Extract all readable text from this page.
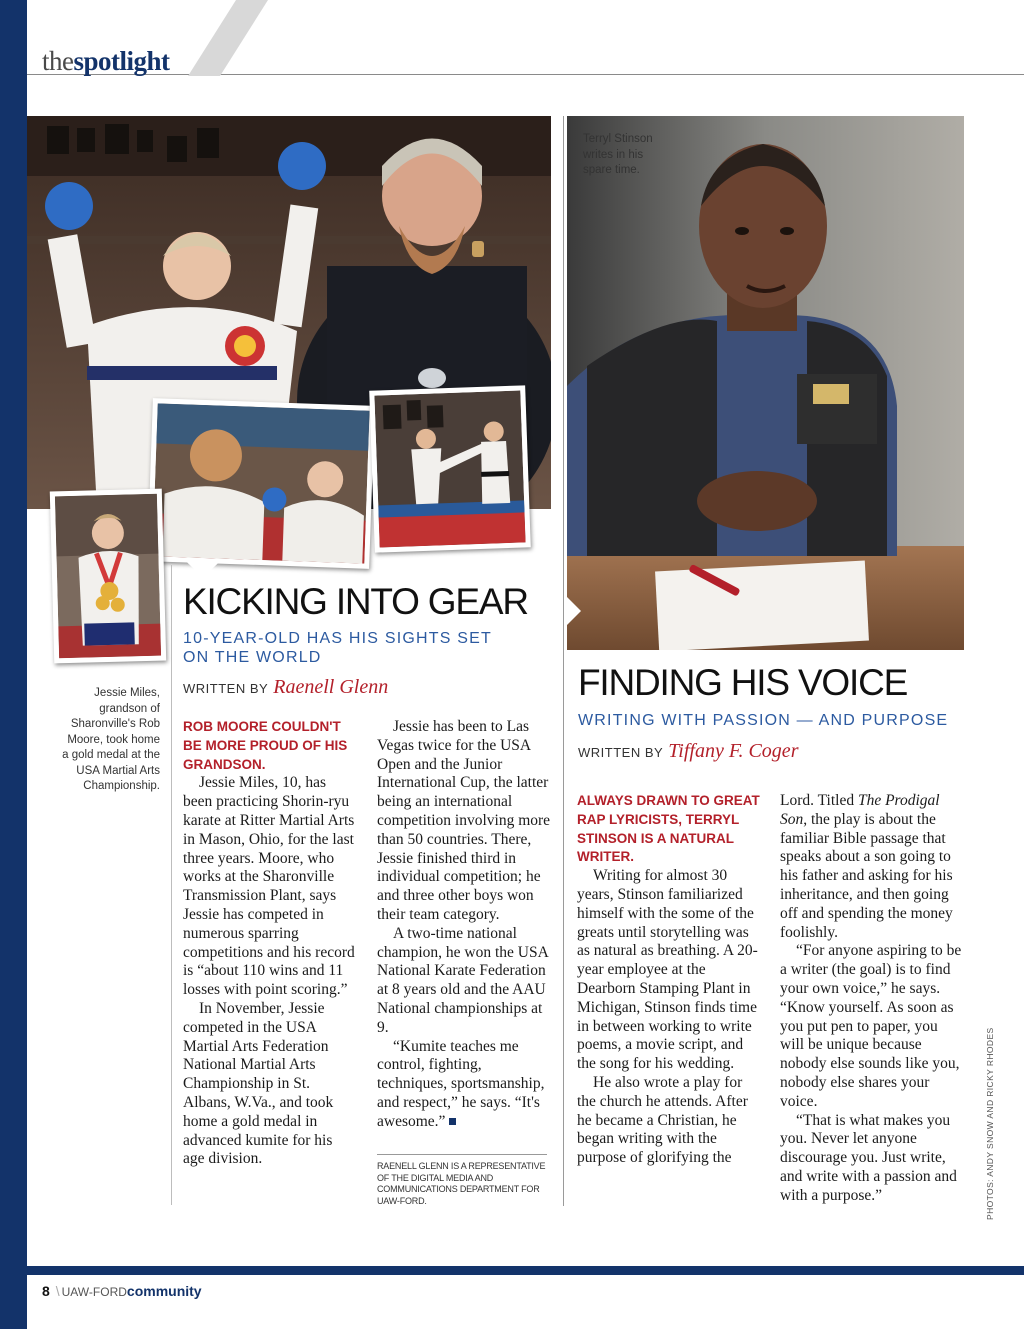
thespotlight
Jessie Miles, grandson of Sharonville's Rob Moore, took home a gold medal at the USA Martial Arts Championship.
KICKING INTO GEAR
10-YEAR-OLD HAS HIS SIGHTS SET ON THE WORLD
WRITTEN BY Raenell Glenn
ROB MOORE COULDN'T BE MORE PROUD OF HIS GRANDSON.

Jessie Miles, 10, has been practicing Shorin-ryu karate at Ritter Martial Arts in Mason, Ohio, for the last three years. Moore, who works at the Sharonville Transmission Plant, says Jessie has competed in numerous sparring competitions and his record is “about 110 wins and 11 losses with point scoring.”

In November, Jessie competed in the USA Martial Arts Federation National Martial Arts Championship in St. Albans, W.Va., and took home a gold medal in advanced kumite for his age division.

Jessie has been to Las Vegas twice for the USA Open and the Junior International Cup, the latter being an international competition involving more than 50 countries. There, Jessie finished third in individual competition; he and three other boys won their team category.

A two-time national champion, he won the USA National Karate Federation at 8 years old and the AAU National championships at 9.

“Kumite teaches me control, fighting, techniques, sportsmanship, and respect,” he says. “It's awesome.”

RAENELL GLENN IS A REPRESENTATIVE OF THE DIGITAL MEDIA AND COMMUNICATIONS DEPARTMENT FOR UAW-FORD.
Terryl Stinson writes in his spare time.
FINDING HIS VOICE
WRITING WITH PASSION — AND PURPOSE
WRITTEN BY Tiffany F. Coger
ALWAYS DRAWN TO GREAT RAP LYRICISTS, TERRYL STINSON IS A NATURAL WRITER.

Writing for almost 30 years, Stinson familiarized himself with the some of the greats until storytelling was as natural as breathing. A 20-year employee at the Dearborn Stamping Plant in Michigan, Stinson finds time in between working to write poems, a movie script, and the song for his wedding.

He also wrote a play for the church he attends. After he became a Christian, he began writing with the purpose of glorifying the

Lord. Titled The Prodigal Son, the play is about the familiar Bible passage that speaks about a son going to his father and asking for his inheritance, and then going off and spending the money foolishly.

“For anyone aspiring to be a writer (the goal) is to find your own voice,” he says. “Know yourself. As soon as you put pen to paper, you will be unique because nobody else sounds like you, nobody else shares your voice.

“That is what makes you you. Never let anyone discourage you. Just write, and write with a passion and with a purpose.”	PHOTOS: ANDY SNOW AND RICKY RHODES
8 \ UAW-FORDcommunity
